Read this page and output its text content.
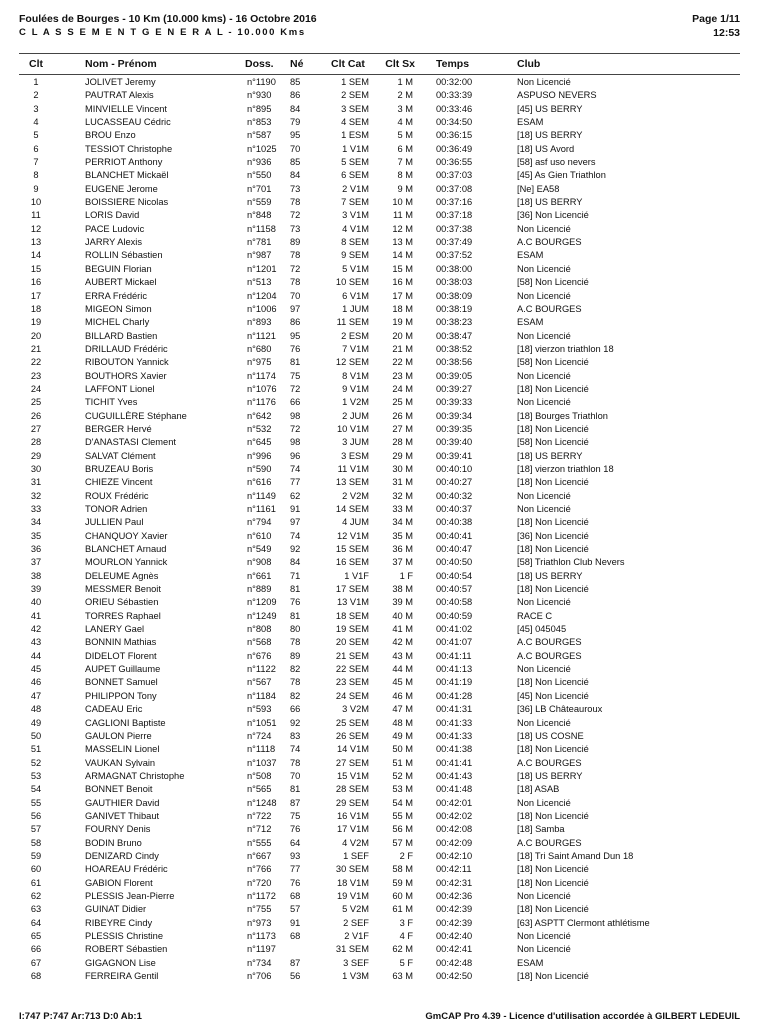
Foulées de Bourges - 10 Km (10.000 kms) - 16 Octobre 2016
C L A S S E M E N T G E N E R A L - 10.000 Kms
Page 1/11
12:53
Clt	Nom - Prénom	Doss. Né	Clt Cat Clt Sx Temps	Club
1	JOLIVET Jeremy	n°1190 85	1 SEM	1 M 00:32:00	Non Licencié
2	PAUTRAT Alexis	n°930 86	2 SEM	2 M 00:33:39	ASPUSO NEVERS
3	MINVIELLE Vincent	n°895 84	3 SEM	3 M 00:33:46	[45] US BERRY
4	LUCASSEAU Cédric	n°853 79	4 SEM	4 M 00:34:50	ESAM
5	BROU Enzo	n°587 95	1 ESM	5 M 00:36:15	[18] US BERRY
6	TESSIOT Christophe	n°1025 70	1 V1M	6 M 00:36:49	[18] US Avord
7	PERRIOT Anthony	n°936 85	5 SEM	7 M 00:36:55	[58] asf uso nevers
8	BLANCHET Mickaël	n°550 84	6 SEM	8 M 00:37:03	[45] As Gien Triathlon
9	EUGENE Jerome	n°701 73	2 V1M	9 M 00:37:08	[Ne] EA58
10	BOISSIERE Nicolas	n°559 78	7 SEM	10 M 00:37:16	[18] US BERRY
11	LORIS David	n°848 72	3 V1M	11 M 00:37:18	[36] Non Licencié
12	PACE Ludovic	n°1158 73	4 V1M	12 M 00:37:38	Non Licencié
13	JARRY Alexis	n°781 89	8 SEM	13 M 00:37:49	A.C BOURGES
14	ROLLIN Sébastien	n°987 78	9 SEM	14 M 00:37:52	ESAM
15	BEGUIN Florian	n°1201 72	5 V1M	15 M 00:38:00	Non Licencié
16	AUBERT Mickael	n°513 78	10 SEM	16 M 00:38:03	[58] Non Licencié
17	ERRA Frédéric	n°1204 70	6 V1M	17 M 00:38:09	Non Licencié
18	MIGEON Simon	n°1006 97	1 JUM	18 M 00:38:19	A.C BOURGES
19	MICHEL Charly	n°893 86	11 SEM	19 M 00:38:23	ESAM
20	BILLARD Bastien	n°1121 95	2 ESM	20 M 00:38:47	Non Licencié
21	DRILLAUD Frédéric	n°680 76	7 V1M	21 M 00:38:52	[18] vierzon triathlon 18
22	RIBOUTON Yannick	n°975 81	12 SEM	22 M 00:38:56	[58] Non Licencié
23	BOUTHORS Xavier	n°1174 75	8 V1M	23 M 00:39:05	Non Licencié
24	LAFFONT Lionel	n°1076 72	9 V1M	24 M 00:39:27	[18] Non Licencié
25	TICHIT Yves	n°1176 66	1 V2M	25 M 00:39:33	Non Licencié
26	CUGUILLÈRE Stéphane	n°642 98	2 JUM	26 M 00:39:34	[18] Bourges Triathlon
27	BERGER Hervé	n°532 72	10 V1M	27 M 00:39:35	[18] Non Licencié
28	D'ANASTASI Clement	n°645 98	3 JUM	28 M 00:39:40	[58] Non Licencié
29	SALVAT Clément	n°996 96	3 ESM	29 M 00:39:41	[18] US BERRY
30	BRUZEAU Boris	n°590 74	11 V1M	30 M 00:40:10	[18] vierzon triathlon 18
31	CHIEZE Vincent	n°616 77	13 SEM	31 M 00:40:27	[18] Non Licencié
32	ROUX Frédéric	n°1149 62	2 V2M	32 M 00:40:32	Non Licencié
33	TONOR Adrien	n°1161 91	14 SEM	33 M 00:40:37	Non Licencié
34	JULLIEN Paul	n°794 97	4 JUM	34 M 00:40:38	[18] Non Licencié
35	CHANQUOY Xavier	n°610 74	12 V1M	35 M 00:40:41	[36] Non Licencié
36	BLANCHET Arnaud	n°549 92	15 SEM	36 M 00:40:47	[18] Non Licencié
37	MOURLON Yannick	n°908 84	16 SEM	37 M 00:40:50	[58] Triathlon Club Nevers
38	DELEUME Agnès	n°661 71	1 V1F	1 F 00:40:54	[18] US BERRY
39	MESSMER Benoit	n°889 81	17 SEM	38 M 00:40:57	[18] Non Licencié
40	ORIEU Sébastien	n°1209 76	13 V1M	39 M 00:40:58	Non Licencié
41	TORRES Raphael	n°1249 81	18 SEM	40 M 00:40:59	RACE C
42	LANERY Gael	n°808 80	19 SEM	41 M 00:41:02	[45] 045045
43	BONNIN Mathias	n°568 78	20 SEM	42 M 00:41:07	A.C BOURGES
44	DIDELOT Florent	n°676 89	21 SEM	43 M 00:41:11	A.C BOURGES
45	AUPET Guillaume	n°1122 82	22 SEM	44 M 00:41:13	Non Licencié
46	BONNET Samuel	n°567 78	23 SEM	45 M 00:41:19	[18] Non Licencié
47	PHILIPPON Tony	n°1184 82	24 SEM	46 M 00:41:28	[45] Non Licencié
48	CADEAU Eric	n°593 66	3 V2M	47 M 00:41:31	[36] LB Châteauroux
49	CAGLIONI Baptiste	n°1051 92	25 SEM	48 M 00:41:33	Non Licencié
50	GAULON Pierre	n°724 83	26 SEM	49 M 00:41:33	[18] US COSNE
51	MASSELIN Lionel	n°1118 74	14 V1M	50 M 00:41:38	[18] Non Licencié
52	VAUKAN Sylvain	n°1037 78	27 SEM	51 M 00:41:41	A.C BOURGES
53	ARMAGNAT Christophe	n°508 70	15 V1M	52 M 00:41:43	[18] US BERRY
54	BONNET Benoit	n°565 81	28 SEM	53 M 00:41:48	[18] ASAB
55	GAUTHIER David	n°1248 87	29 SEM	54 M 00:42:01	Non Licencié
56	GANIVET Thibaut	n°722 75	16 V1M	55 M 00:42:02	[18] Non Licencié
57	FOURNY Denis	n°712 76	17 V1M	56 M 00:42:08	[18] Samba
58	BODIN Bruno	n°555 64	4 V2M	57 M 00:42:09	A.C BOURGES
59	DENIZARD Cindy	n°667 93	1 SEF	2 F 00:42:10	[18] Tri Saint Amand Dun 18
60	HOAREAU Frédéric	n°766 77	30 SEM	58 M 00:42:11	[18] Non Licencié
61	GABION Florent	n°720 76	18 V1M	59 M 00:42:31	[18] Non Licencié
62	PLESSIS Jean-Pierre	n°1172 68	19 V1M	60 M 00:42:36	Non Licencié
63	GUINAT Didier	n°755 57	5 V2M	61 M 00:42:39	[18] Non Licencié
64	RIBEYRE Cindy	n°973 91	2 SEF	3 F 00:42:39	[63] ASPTT Clermont athlétisme
65	PLESSIS Christine	n°1173 68	2 V1F	4 F 00:42:40	Non Licencié
66	ROBERT Sébastien	n°1197	31 SEM	62 M 00:42:41	Non Licencié
67	GIGAGNON Lise	n°734 87	3 SEF	5 F 00:42:48	ESAM
68	FERREIRA Gentil	n°706 56	1 V3M	63 M 00:42:50	[18] Non Licencié
I:747 P:747 Ar:713 D:0 Ab:1	GmCAP Pro 4.39 - Licence d'utilisation accordée à GILBERT LEDEUIL
